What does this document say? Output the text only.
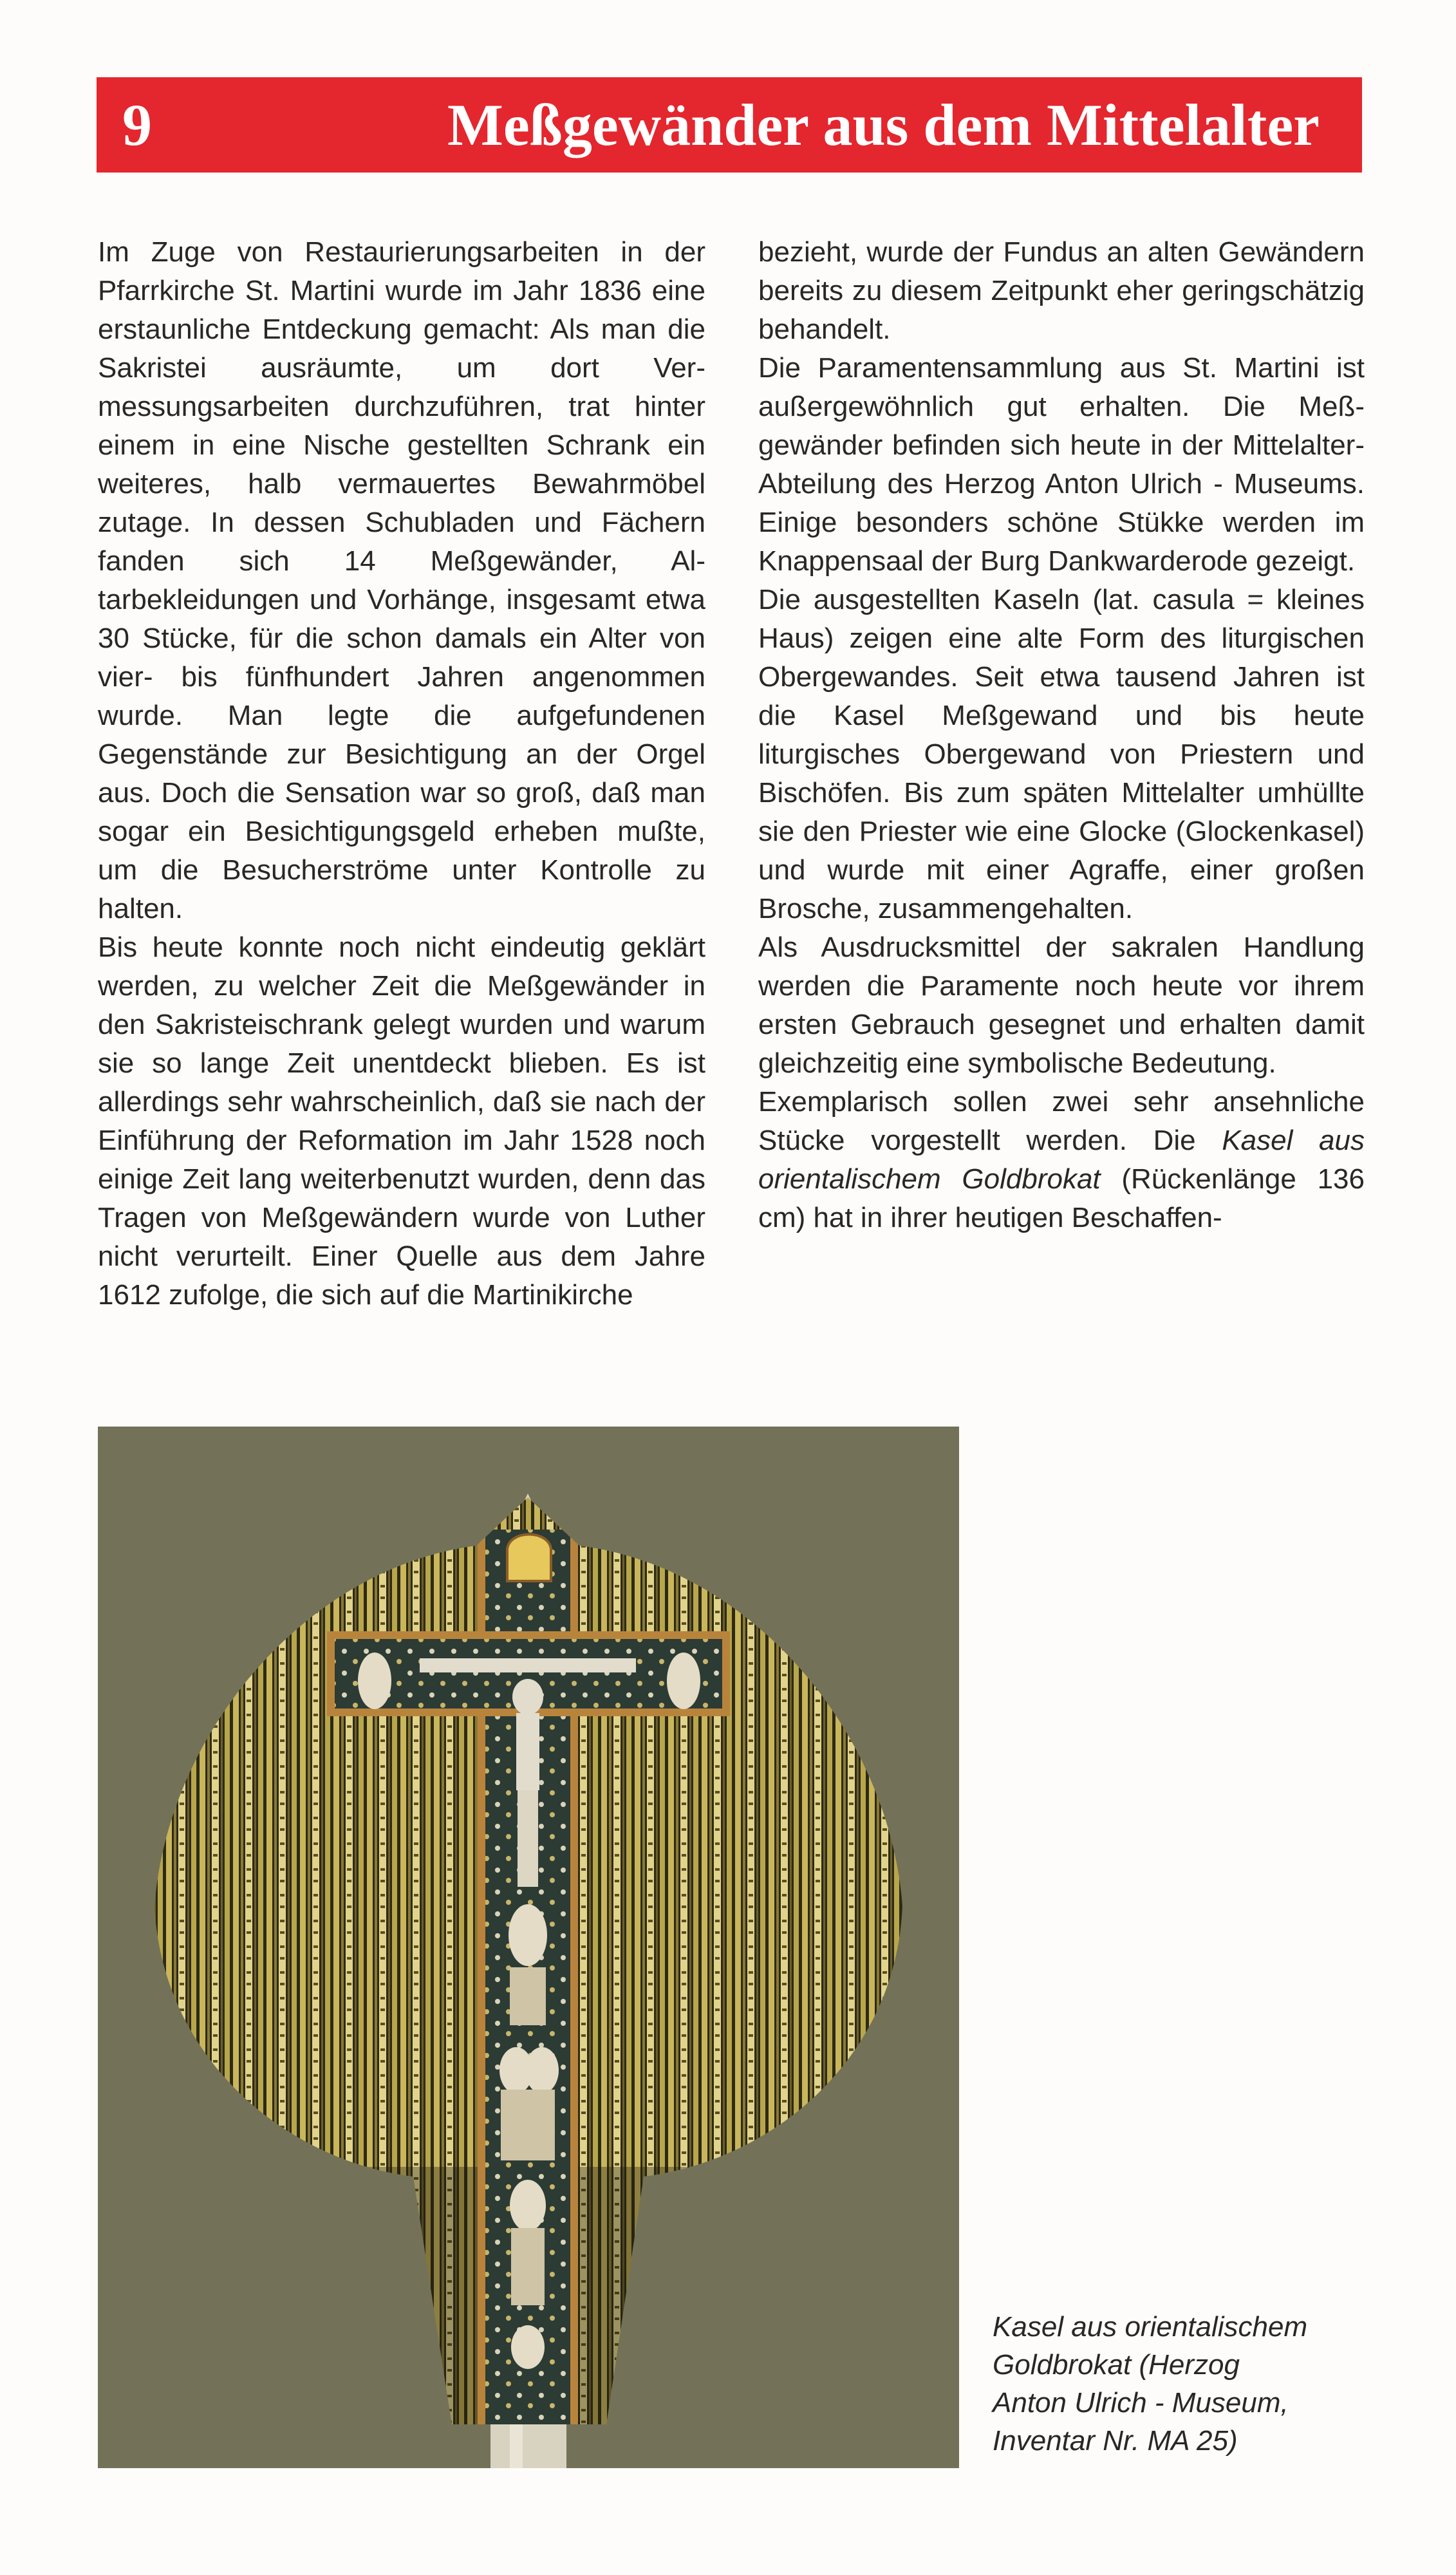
9	Meßgewänder aus dem Mittelalter

Im Zuge von Restaurierungsarbeiten in der Pfarrkirche St. Martini wurde im Jahr 1836 eine erstaunliche Entdeckung gemacht: Als man die Sakristei ausräumte, um dort Vermessungsarbeiten durchzuführen, trat hinter einem in eine Nische gestellten Schrank ein weiteres, halb vermauertes Bewahrmöbel zutage. In dessen Schubladen und Fächern fanden sich 14 Meßgewänder, Altarbekleidungen und Vorhänge, insgesamt etwa 30 Stücke, für die schon damals ein Alter von vier- bis fünfhundert Jahren angenommen wurde. Man legte die aufgefundenen Gegenstände zur Besichtigung an der Orgel aus. Doch die Sensation war so groß, daß man sogar ein Besichtigungsgeld erheben mußte, um die Besucherströme unter Kontrolle zu halten.

Bis heute konnte noch nicht eindeutig geklärt werden, zu welcher Zeit die Meßgewänder in den Sakristeischrank gelegt wurden und warum sie so lange Zeit unentdeckt blieben. Es ist allerdings sehr wahrscheinlich, daß sie nach der Einführung der Reformation im Jahr 1528 noch einige Zeit lang weiterbenutzt wurden, denn das Tragen von Meßgewändern wurde von Luther nicht verurteilt. Einer Quelle aus dem Jahre 1612 zufolge, die sich auf die Martinikirche

bezieht, wurde der Fundus an alten Gewändern bereits zu diesem Zeitpunkt eher geringschätzig behandelt.

Die Paramentensammlung aus St. Martini ist außergewöhnlich gut erhalten. Die Meßgewänder befinden sich heute in der Mittelalter-Abteilung des Herzog Anton Ulrich - Museums. Einige besonders schöne Stükke werden im Knappensaal der Burg Dankwarderode gezeigt.

Die ausgestellten Kaseln (lat. casula = kleines Haus) zeigen eine alte Form des liturgischen Obergewandes. Seit etwa tausend Jahren ist die Kasel Meßgewand und bis heute liturgisches Obergewand von Priestern und Bischöfen. Bis zum späten Mittelalter umhüllte sie den Priester wie eine Glocke (Glockenkasel) und wurde mit einer Agraffe, einer großen Brosche, zusammengehalten.

Als Ausdrucksmittel der sakralen Handlung werden die Paramente noch heute vor ihrem ersten Gebrauch gesegnet und erhalten damit gleichzeitig eine symbolische Bedeutung.

Exemplarisch sollen zwei sehr ansehnliche Stücke vorgestellt werden. Die Kasel aus orientalischem Goldbrokat (Rückenlänge 136 cm) hat in ihrer heutigen Beschaffen-

Kasel aus orientalischem
Goldbrokat (Herzog
Anton Ulrich - Museum,
Inventar Nr. MA 25)
